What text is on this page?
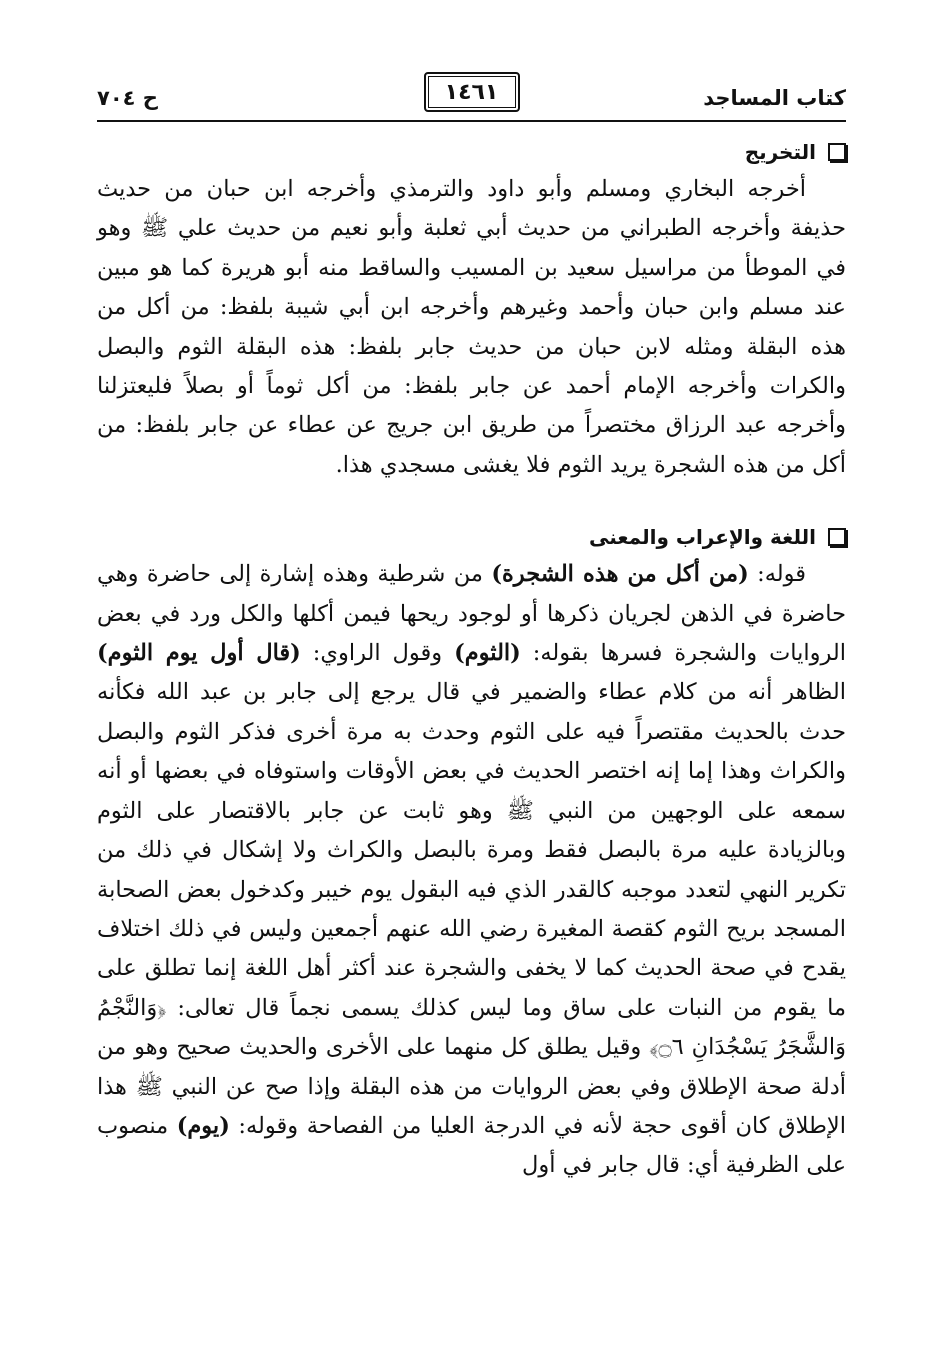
كتاب المساجد
١٤٦١
ح ٧٠٤
التخريج

أخرجه البخاري ومسلم وأبو داود والترمذي وأخرجه ابن حبان من حديث حذيفة وأخرجه الطبراني من حديث أبي ثعلبة وأبو نعيم من حديث علي ﷺ وهو في الموطأ من مراسيل سعيد بن المسيب والساقط منه أبو هريرة كما هو مبين عند مسلم وابن حبان وأحمد وغيرهم وأخرجه ابن أبي شيبة بلفظ: من أكل من هذه البقلة ومثله لابن حبان من حديث جابر بلفظ: هذه البقلة الثوم والبصل والكرات وأخرجه الإمام أحمد عن جابر بلفظ: من أكل ثوماً أو بصلاً فليعتزلنا وأخرجه عبد الرزاق مختصراً من طريق ابن جريج عن عطاء عن جابر بلفظ: من أكل من هذه الشجرة يريد الثوم فلا يغشى مسجدي هذا.

اللغة والإعراب والمعنى

قوله: (من أكل من هذه الشجرة) من شرطية وهذه إشارة إلى حاضرة وهي حاضرة في الذهن لجريان ذكرها أو لوجود ريحها فيمن أكلها والكل ورد في بعض الروايات والشجرة فسرها بقوله: (الثوم) وقول الراوي: (قال أول يوم الثوم) الظاهر أنه من كلام عطاء والضمير في قال يرجع إلى جابر بن عبد الله فكأنه حدث بالحديث مقتصراً فيه على الثوم وحدث به مرة أخرى فذكر الثوم والبصل والكراث وهذا إما إنه اختصر الحديث في بعض الأوقات واستوفاه في بعضها أو أنه سمعه على الوجهين من النبي ﷺ وهو ثابت عن جابر بالاقتصار على الثوم وبالزيادة عليه مرة بالبصل فقط ومرة بالبصل والكراث ولا إشكال في ذلك من تكرير النهي لتعدد موجبه كالقدر الذي فيه البقول يوم خيبر وكدخول بعض الصحابة المسجد بريح الثوم كقصة المغيرة رضي الله عنهم أجمعين وليس في ذلك اختلاف يقدح في صحة الحديث كما لا يخفى والشجرة عند أكثر أهل اللغة إنما تطلق على ما يقوم من النبات على ساق وما ليس كذلك يسمى نجماً قال تعالى: ﴿وَالنَّجْمُ وَالشَّجَرُ يَسْجُدَانِ ۝٦﴾ وقيل يطلق كل منهما على الأخرى والحديث صحيح وهو من أدلة صحة الإطلاق وفي بعض الروايات من هذه البقلة وإذا صح عن النبي ﷺ هذا الإطلاق كان أقوى حجة لأنه في الدرجة العليا من الفصاحة وقوله: (يوم) منصوب على الظرفية أي: قال جابر في أول
